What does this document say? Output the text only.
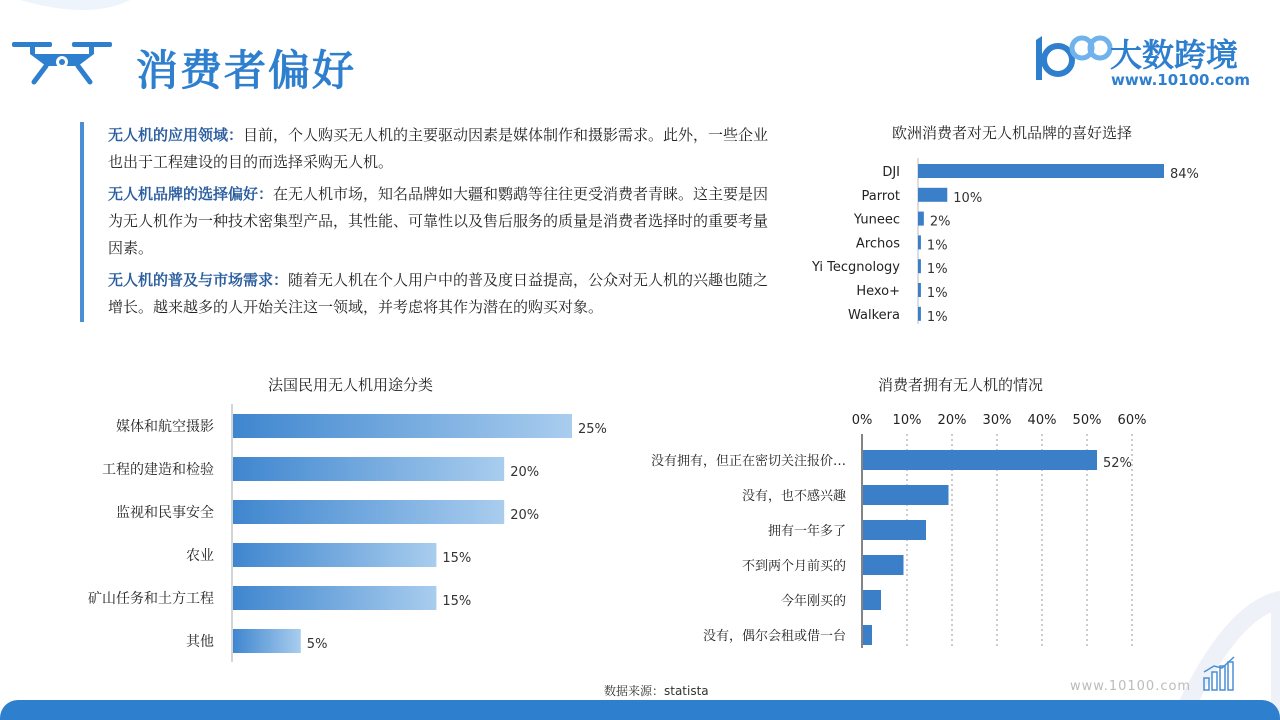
消费者偏好	大数跨境
www.10100.com

无人机的应用领域：目前，个人购买无人机的主要驱动因素是媒体制作和摄影需求。此外，一些企业也出于工程建设的目的而选择采购无人机。

无人机品牌的选择偏好：在无人机市场，知名品牌如大疆和鹦鹉等往往更受消费者青睐。这主要是因为无人机作为一种技术密集型产品，其性能、可靠性以及售后服务的质量是消费者选择时的重要考量因素。

无人机的普及与市场需求：随着无人机在个人用户中的普及度日益提高，公众对无人机的兴趣也随之增长。越来越多的人开始关注这一领域，并考虑将其作为潜在的购买对象。

欧洲消费者对无人机品牌的喜好选择
DJI	84%
Parrot	10%
Yuneec 2%
Archos 1%
Yi Tecgnology 1%
Hexo+ 1%
Walkera 1%
法国民用无人机用途分类
媒体和航空摄影	25%
工程的建造和检验	20%
监视和民事安全	20%
农业	15%
矿山任务和土方工程	15%
其他	5%
消费者拥有无人机的情况
0% 10% 20% 30% 40% 50% 60%
没有拥有，但正在密切关注报价…	52%
没有，也不感兴趣
拥有一年多了
不到两个月前买的
今年刚买的
没有，偶尔会租或借一台
数据来源：statista	www.10100.com
